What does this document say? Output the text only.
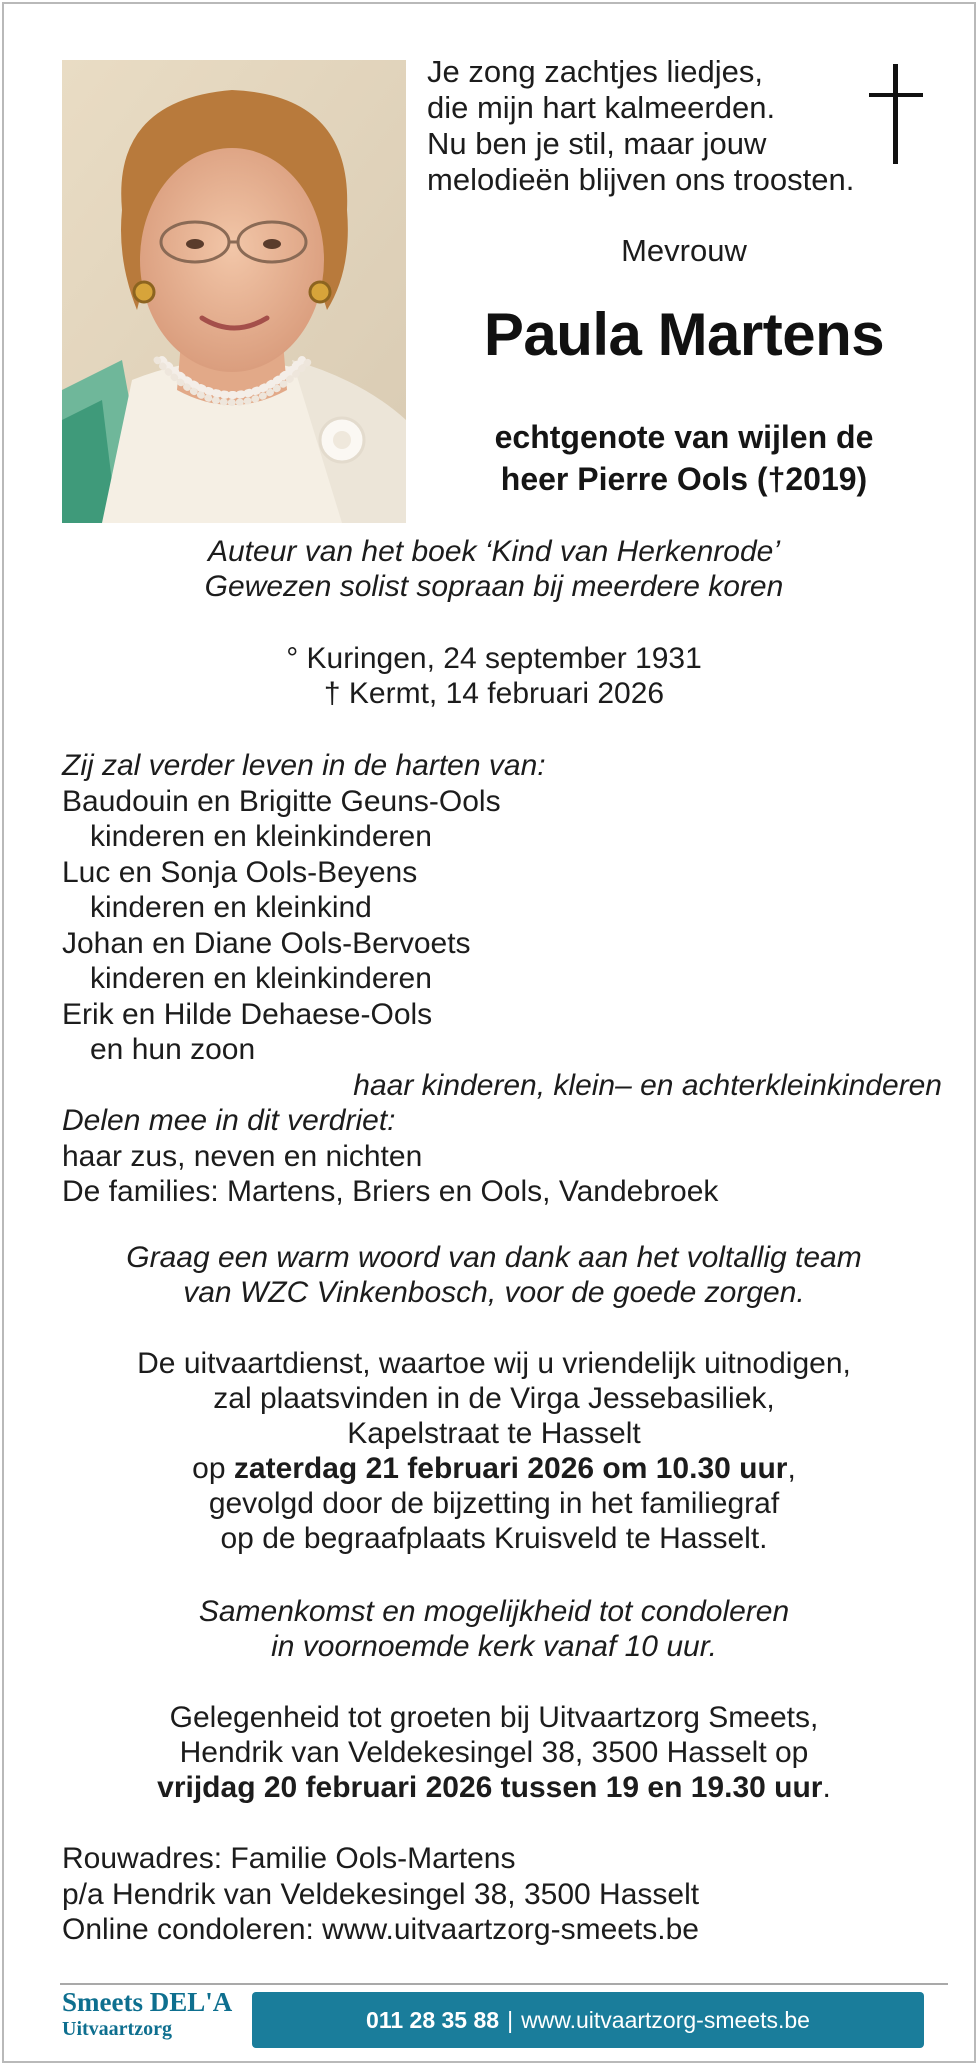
Je zong zachtjes liedjes,
die mijn hart kalmeerden.
Nu ben je stil, maar jouw
melodieën blijven ons troosten.
Mevrouw
Paula Martens
echtgenote van wijlen de
heer Pierre Ools (†2019)
Auteur van het boek ‘Kind van Herkenrode’
Gewezen solist sopraan bij meerdere koren
° Kuringen, 24 september 1931
† Kermt, 14 februari 2026
Zij zal verder leven in de harten van:
Baudouin en Brigitte Geuns-Ools
kinderen en kleinkinderen
Luc en Sonja Ools-Beyens
kinderen en kleinkind
Johan en Diane Ools-Bervoets
kinderen en kleinkinderen
Erik en Hilde Dehaese-Ools
en hun zoon
haar kinderen, klein– en achterkleinkinderen
Delen mee in dit verdriet:
haar zus, neven en nichten
De families: Martens, Briers en Ools, Vandebroek
Graag een warm woord van dank aan het voltallig team
van WZC Vinkenbosch, voor de goede zorgen.
De uitvaartdienst, waartoe wij u vriendelijk uitnodigen,
zal plaatsvinden in de Virga Jessebasiliek,
Kapelstraat te Hasselt
op zaterdag 21 februari 2026 om 10.30 uur,
gevolgd door de bijzetting in het familiegraf
op de begraafplaats Kruisveld te Hasselt.
Samenkomst en mogelijkheid tot condoleren
in voornoemde kerk vanaf 10 uur.
Gelegenheid tot groeten bij Uitvaartzorg Smeets,
Hendrik van Veldekesingel 38, 3500 Hasselt op
vrijdag 20 februari 2026 tussen 19 en 19.30 uur.
Rouwadres: Familie Ools-Martens
p/a Hendrik van Veldekesingel 38, 3500 Hasselt
Online condoleren: www.uitvaartzorg-smeets.be
Smeets DEL'A
Uitvaartzorg	011 28 35 88 | www.uitvaartzorg-smeets.be
